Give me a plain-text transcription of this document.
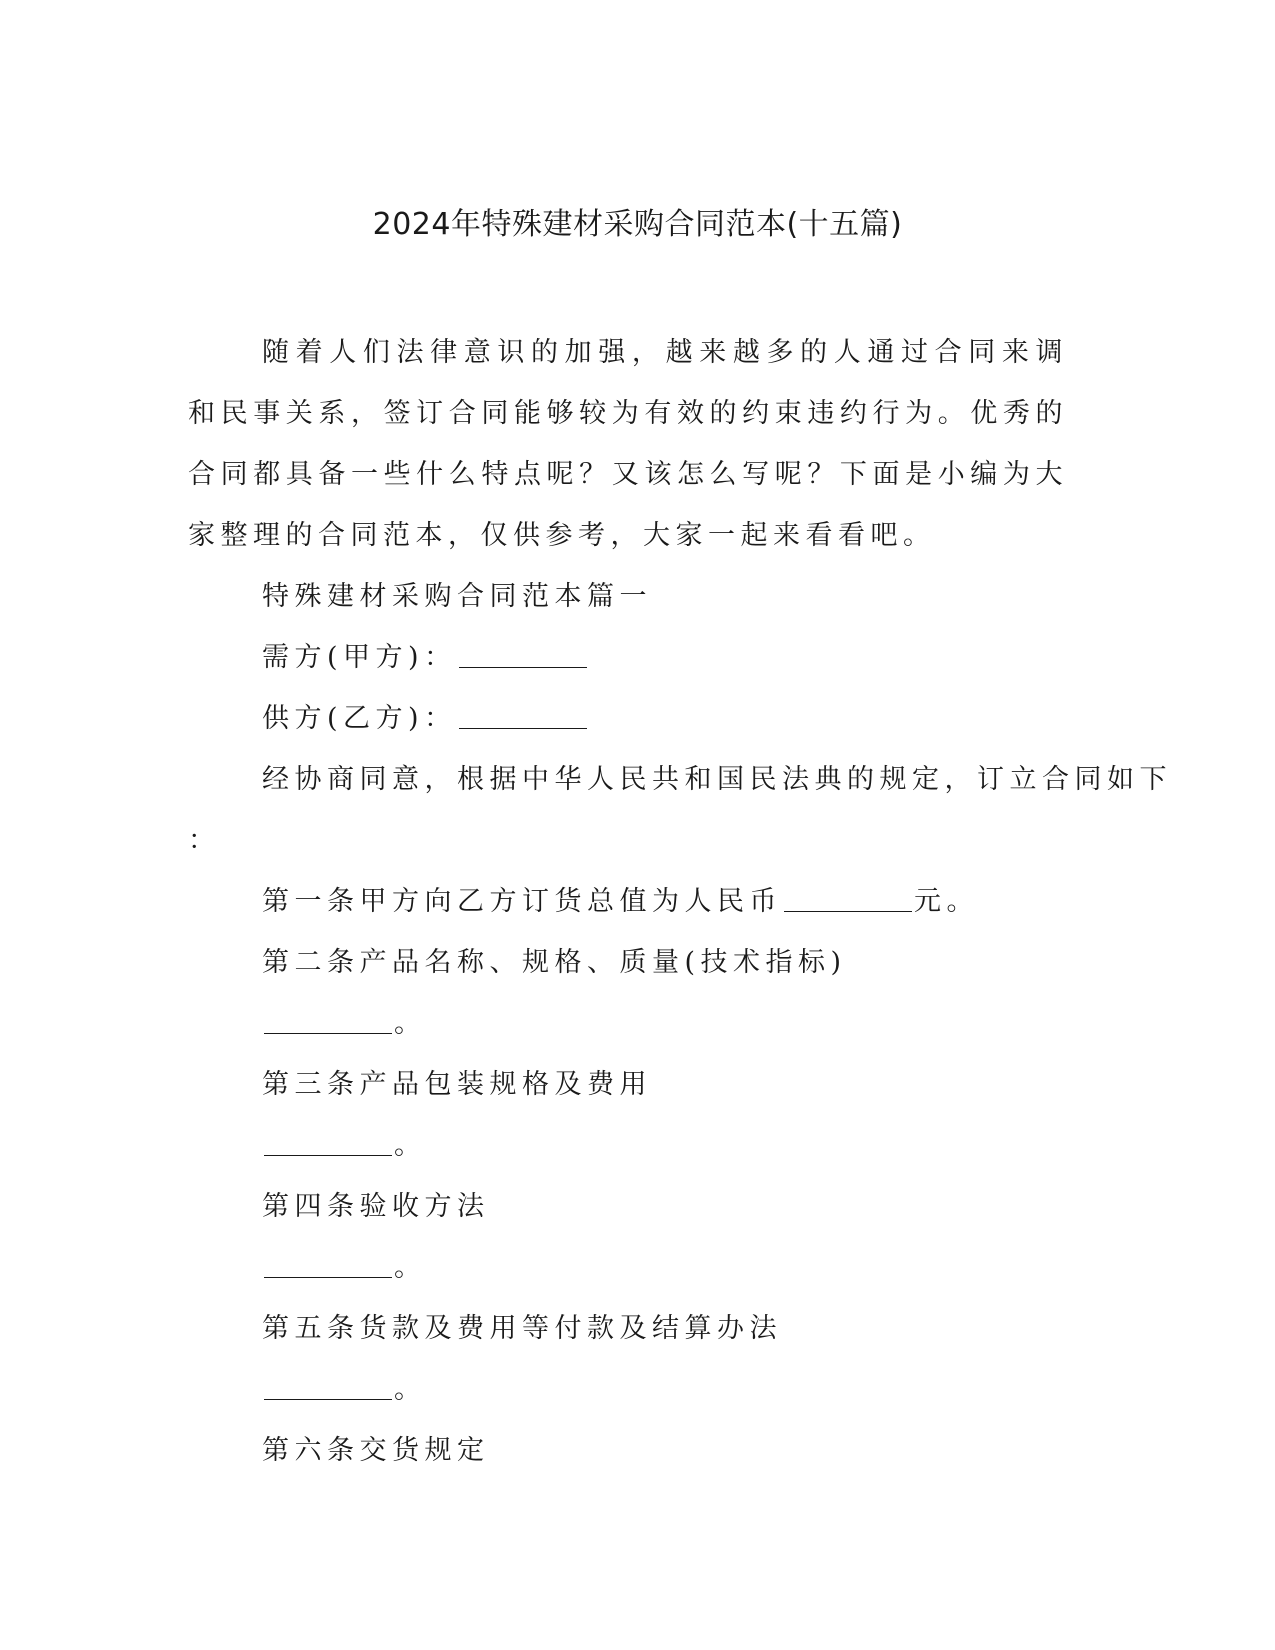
2024年特殊建材采购合同范本(十五篇)

随着人们法律意识的加强，越来越多的人通过合同来调和民事关系，签订合同能够较为有效的约束违约行为。优秀的合同都具备一些什么特点呢？又该怎么写呢？下面是小编为大家整理的合同范本，仅供参考，大家一起来看看吧。

特殊建材采购合同范本篇一

需方(甲方)：

供方(乙方)：

经协商同意，根据中华人民共和国民法典的规定，订立合同如下

：

第一条甲方向乙方订货总值为人民币	元。

第二条产品名称、规格、质量(技术指标)

。

第三条产品包装规格及费用

。

第四条验收方法

。

第五条货款及费用等付款及结算办法

。

第六条交货规定
